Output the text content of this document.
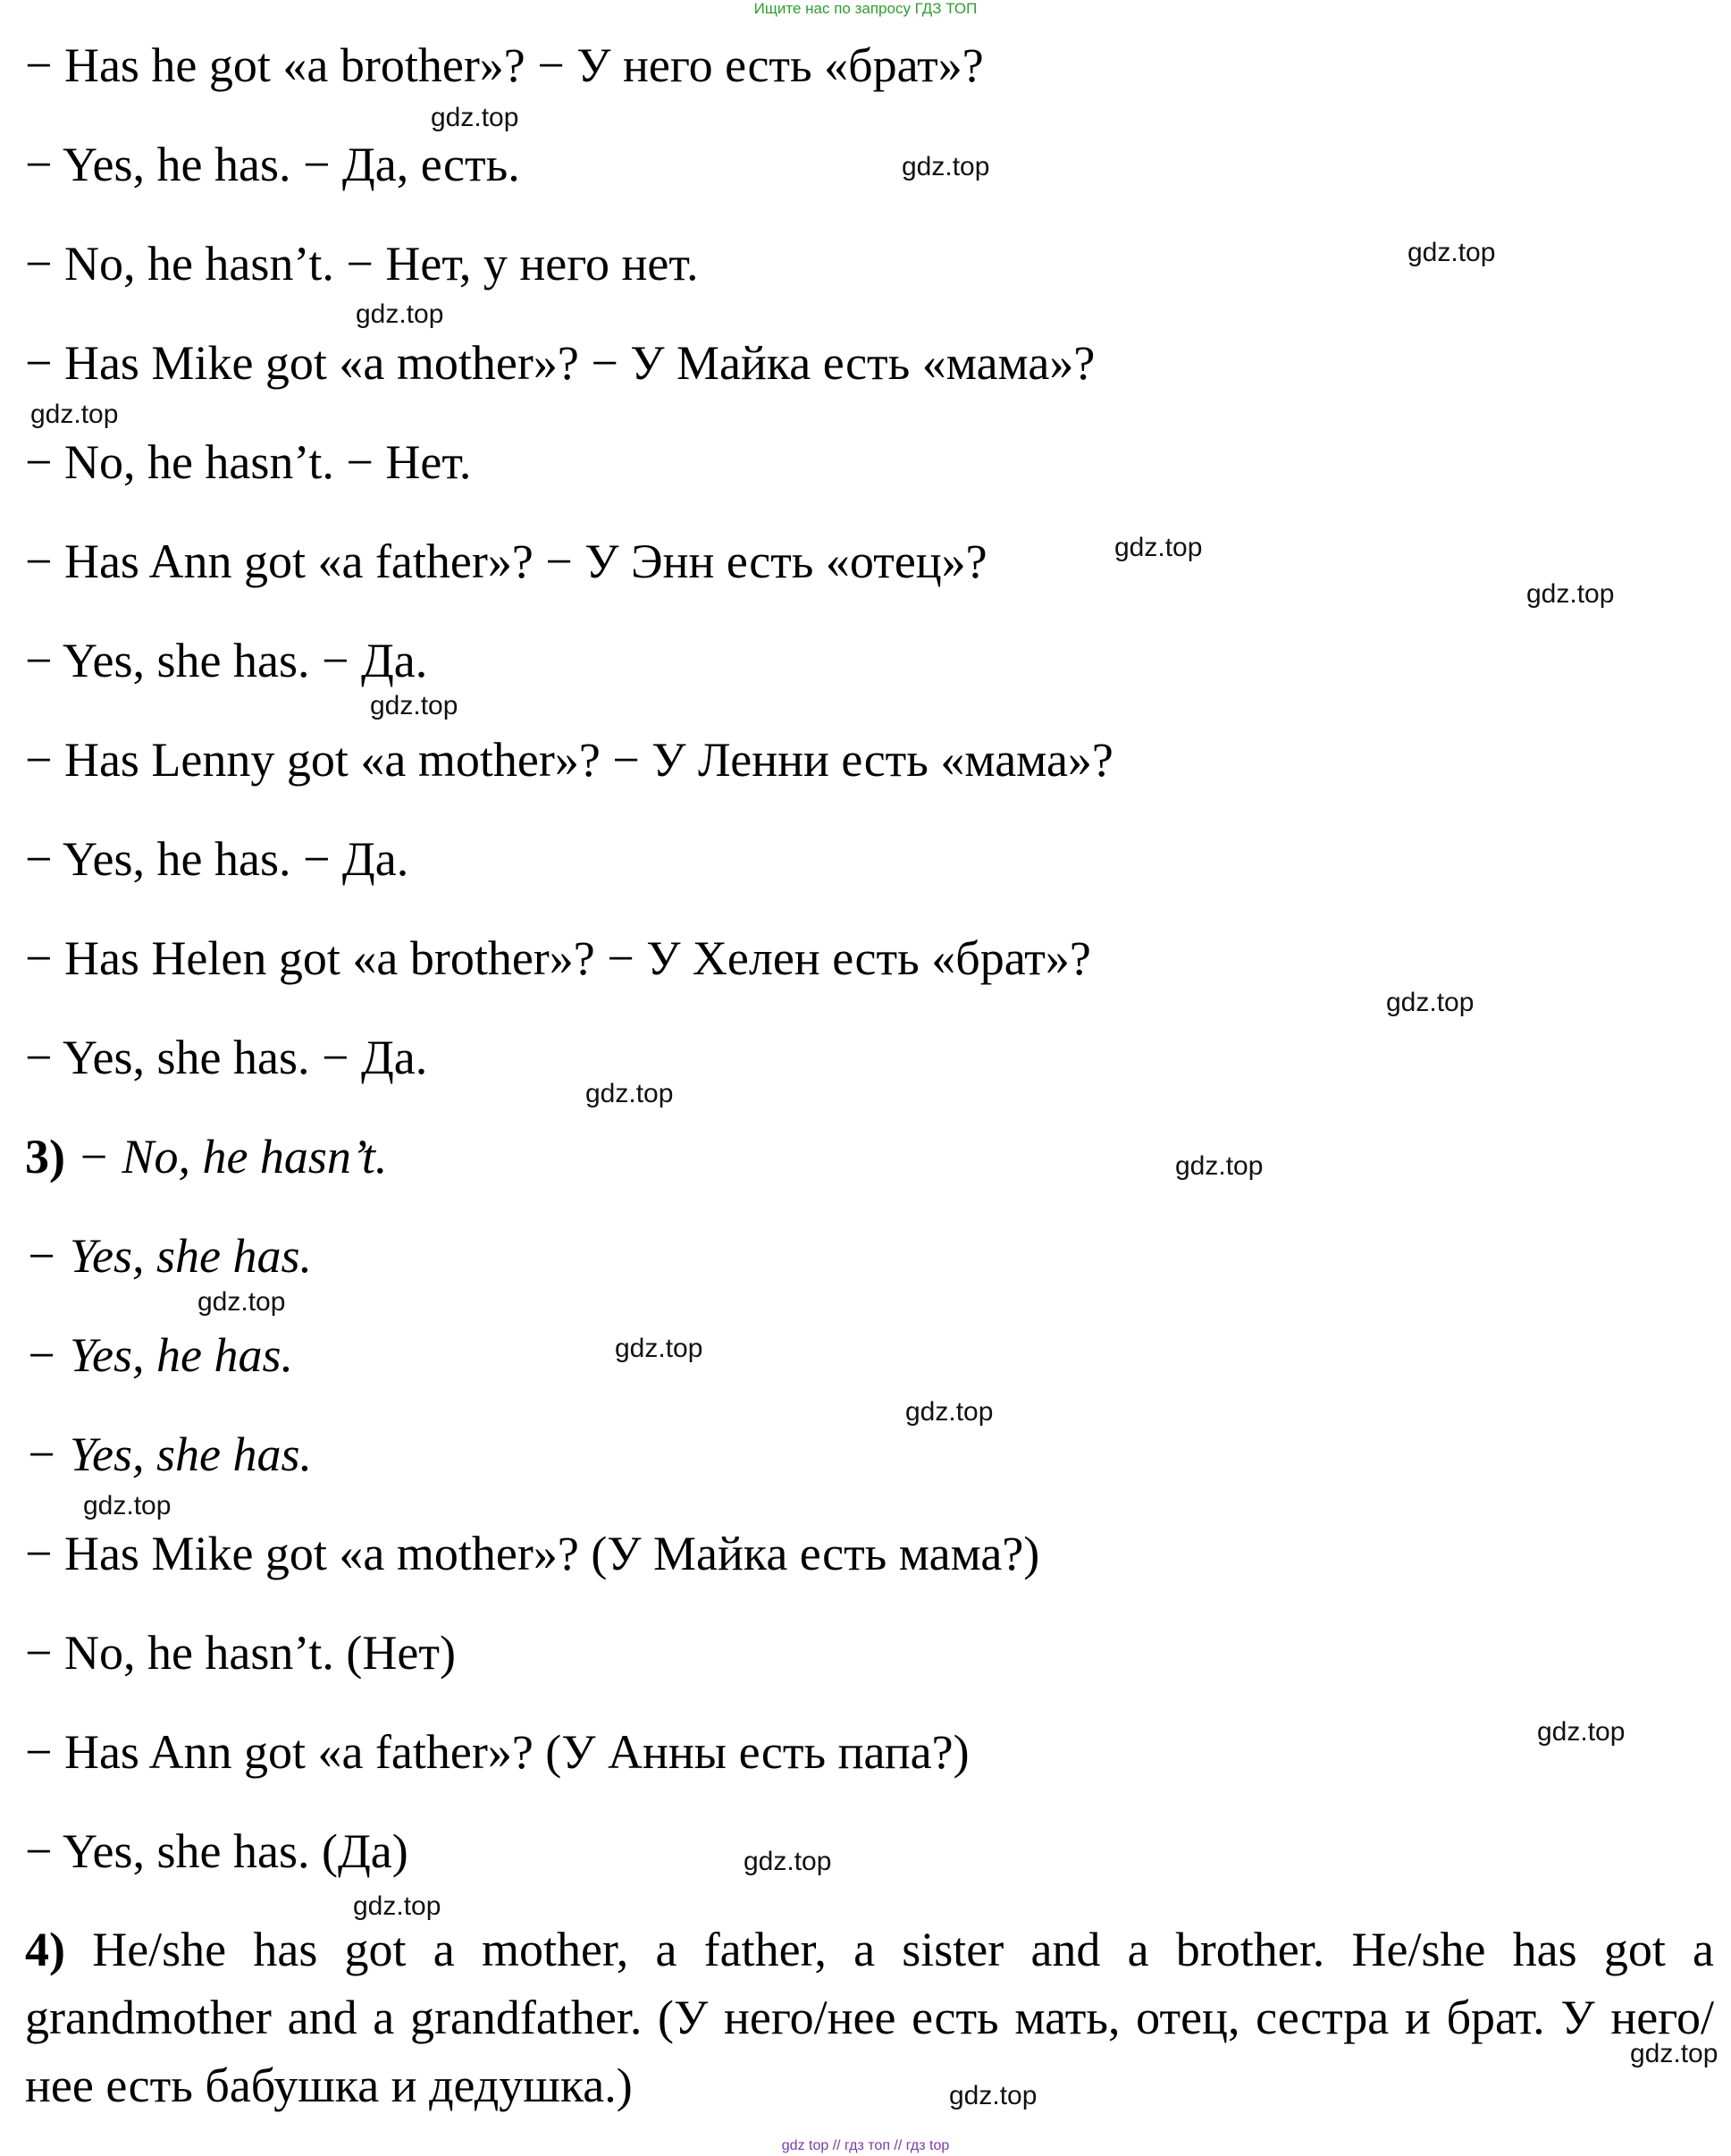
Ищите нас по запросу ГДЗ ТОП
− Has he got «a brother»? − У него есть «брат»?
− Yes, he has. − Да, есть.
− No, he hasn’t. − Нет, у него нет.
− Has Mike got «a mother»? − У Майка есть «мама»?
− No, he hasn’t. − Нет.
− Has Ann got «a father»? − У Энн есть «отец»?
− Yes, she has. − Да.
− Has Lenny got «a mother»? − У Ленни есть «мама»?
− Yes, he has. − Да.
− Has Helen got «a brother»? − У Хелен есть «брат»?
− Yes, she has. − Да.
3) − No, he hasn’t.
− Yes, she has.
− Yes, he has.
− Yes, she has.
− Has Mike got «a mother»? (У Майка есть мама?)
− No, he hasn’t. (Нет)
− Has Ann got «a father»? (У Анны есть папа?)
− Yes, she has. (Да)
4) He/she has got a mother, a father, a sister and a brother. He/she has got a grandmother and a grandfather. (У него/нее есть мать, отец, сестра и брат. У него/нее есть бабушка и дедушка.)
gdz.top
gdz.top
gdz.top
gdz.top
gdz.top
gdz.top
gdz.top
gdz.top
gdz.top
gdz.top
gdz.top
gdz.top
gdz.top
gdz.top
gdz.top
gdz.top
gdz.top
gdz.top
gdz.top
gdz.top
gdz top // гдз топ // гдз top
